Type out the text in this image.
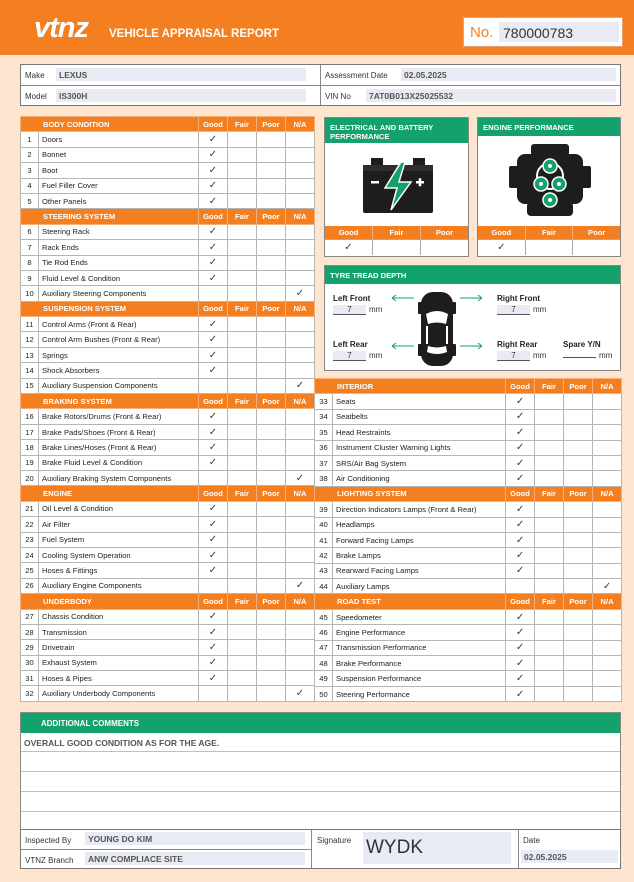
vtnz VEHICLE APPRAISAL REPORT	No. 780000783
Make	LEXUS
Model	IS300H
Assessment Date	02.05.2025
VIN No	7AT0B013X25025532
BODY CONDITION		Good	Fair	Poor	N/A
1	Doors	✓			
2	Bonnet	✓			
3	Boot	✓			
4	Fuel Filler Cover	✓			
5	Other Panels	✓			
STEERING SYSTEM		Good	Fair	Poor	N/A
6	Steering Rack	✓			
7	Rack Ends	✓			
8	Tie Rod Ends	✓			
9	Fluid Level & Condition	✓			
10	Auxiliary Steering Components				✓
SUSPENSION SYSTEM		Good	Fair	Poor	N/A
11	Control Arms (Front & Rear)	✓			
12	Control Arm Bushes (Front & Rear)	✓			
13	Springs	✓			
14	Shock Absorbers	✓			
15	Auxiliary Suspension Components				✓
BRAKING SYSTEM		Good	Fair	Poor	N/A
16	Brake Rotors/Drums (Front & Rear)	✓			
17	Brake Pads/Shoes (Front & Rear)	✓			
18	Brake Lines/Hoses (Front & Rear)	✓			
19	Brake Fluid Level & Condition	✓			
20	Auxiliary Braking System Components				✓
ENGINE		Good	Fair	Poor	N/A
21	Oil Level & Condition	✓			
22	Air Filter	✓			
23	Fuel System	✓			
24	Cooling System Operation	✓			
25	Hoses & Fittings	✓			
26	Auxiliary Engine Components				✓
UNDERBODY		Good	Fair	Poor	N/A
27	Chassis Condition	✓			
28	Transmission	✓			
29	Drivetrain	✓			
30	Exhaust System	✓			
31	Hoses & Pipes	✓			
32	Auxiliary Underbody Components				✓
INTERIOR		Good	Fair	Poor	N/A
33	Seats	✓			
34	Seatbelts	✓			
35	Head Restraints	✓			
36	Instrument Cluster Warning Lights	✓			
37	SRS/Air Bag System	✓			
38	Air Conditioning	✓			
LIGHTING SYSTEM		Good	Fair	Poor	N/A
39	Direction Indicators Lamps (Front & Rear)	✓			
40	Headlamps	✓			
41	Forward Facing Lamps	✓			
42	Brake Lamps	✓			
43	Rearward Facing Lamps	✓			
44	Auxiliary Lamps				✓
ROAD TEST		Good	Fair	Poor	N/A
45	Speedometer	✓			
46	Engine Performance	✓			
47	Transmission Performance	✓			
48	Brake Performance	✓			
49	Suspension Performance	✓			
50	Steering Performance	✓			
ELECTRICAL AND BATTERY PERFORMANCE
Good	Fair	Poor
✓
ENGINE PERFORMANCE
Good	Fair	Poor
✓
TYRE TREAD DEPTH
Left Front
7 mm
Right Front
7 mm
Left Rear
7 mm
Right Rear
7 mm
Spare Y/N
mm
ADDITIONAL COMMENTS
OVERALL GOOD CONDITION AS FOR THE AGE.
Inspected By	YOUNG DO KIM
VTNZ Branch	ANW COMPLIACE SITE
Signature WYDK	Date
02.05.2025
